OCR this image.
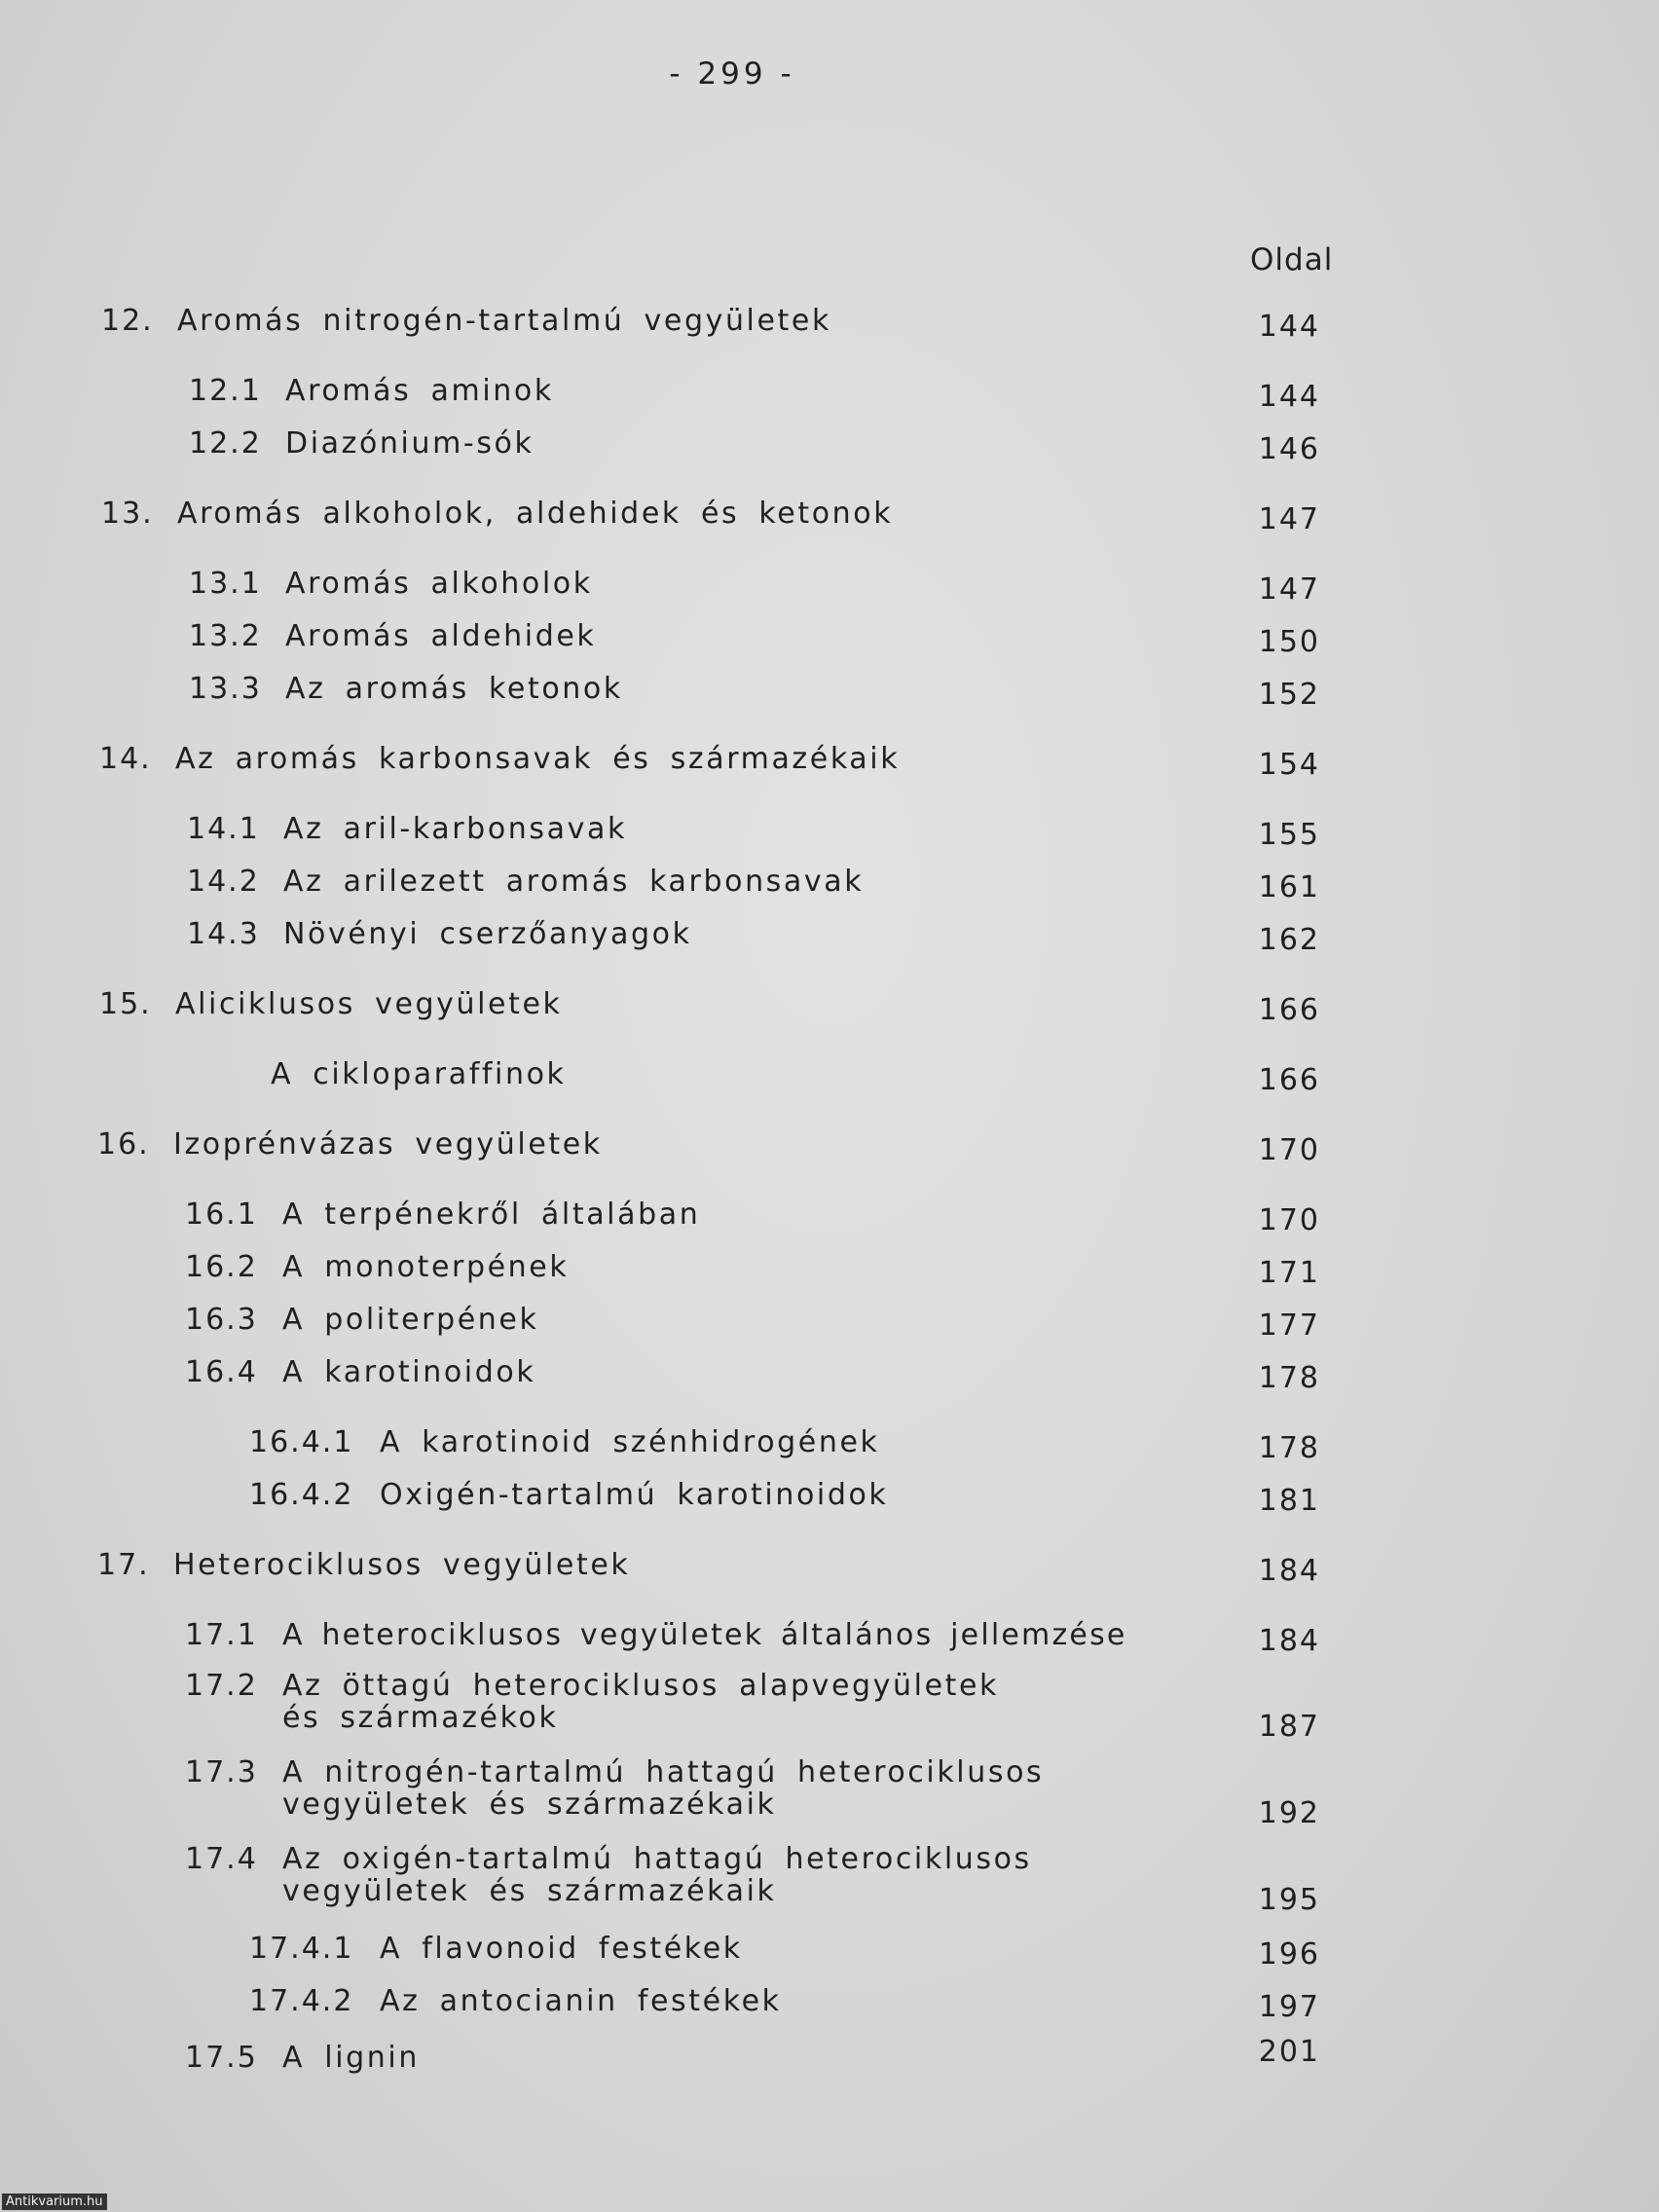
- 299 -
Oldal
12. Aromás nitrogén-tartalmú vegyületek	144
12.1 Aromás aminok	144
12.2 Diazónium-sók	146
13. Aromás alkoholok, aldehidek és ketonok	147
13.1 Aromás alkoholok	147
13.2 Aromás aldehidek	150
13.3 Az aromás ketonok	152
14. Az aromás karbonsavak és származékaik	154
14.1 Az aril-karbonsavak	155
14.2 Az arilezett aromás karbonsavak	161
14.3 Növényi cserzőanyagok	162
15. Aliciklusos vegyületek	166
A cikloparaffinok	166
16. Izoprénvázas vegyületek	170
16.1 A terpénekről általában	170
16.2 A monoterpének	171
16.3 A politerpének	177
16.4 A karotinoidok	178
16.4.1 A karotinoid szénhidrogének	178
16.4.2 Oxigén-tartalmú karotinoidok	181
17. Heterociklusos vegyületek	184
17.1 A heterociklusos vegyületek általános jellemzése	184
17.2 Az öttagú heterociklusos alapvegyületek
és származékok	187
17.3 A nitrogén-tartalmú hattagú heterociklusos
vegyületek és származékaik	192
17.4 Az oxigén-tartalmú hattagú heterociklusos
vegyületek és származékaik	195
17.4.1 A flavonoid festékek	196
17.4.2 Az antocianin festékek	197
17.5 A lignin	201
Antikvarium.hu
